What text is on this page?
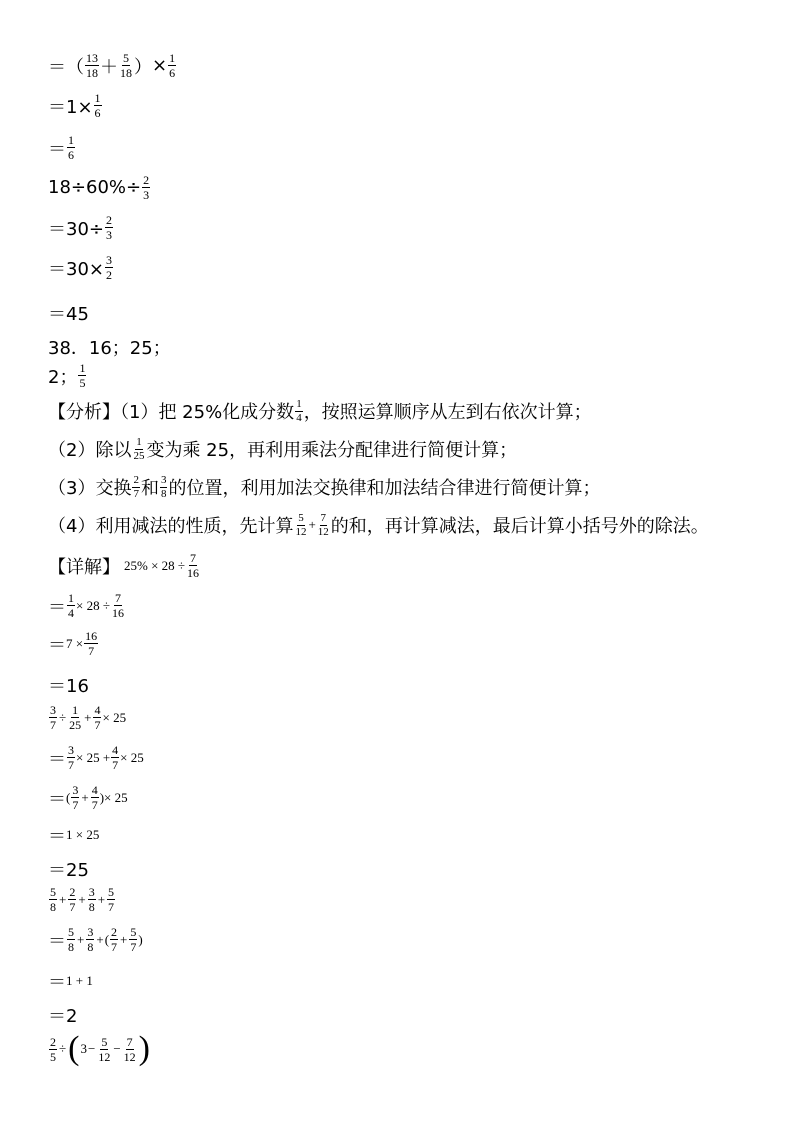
＝ （ $\frac{13}{18} + \frac{5}{18}$ ） × $\frac{1}{6}$
$=1\times \frac{1}{6}$
＝ $\frac{1}{6}$
$18\div 60\%\div \frac{2}{3}$
$=30\div \frac{2}{3}$
$=30\times \frac{3}{2}$
＝45
38．16；25；
2； $\frac{1}{5}$
【分析】（1）把 25%化成分数 $\frac{1}{4}$ ，按照运算顺序从左到右依次计算；
（2）除以 $\frac{1}{25}$ 变为乘 25，再利用乘法分配律进行简便计算；
（3）交换 $\frac{2}{7}$ 和 $\frac{3}{8}$ 的位置，利用加法交换律和加法结合律进行简便计算；
（4）利用减法的性质，先计算 $\frac{5}{12} + \frac{7}{12}$ 的和，再计算减法，最后计算小括号外的除法。
【详解】 $25\% \times 28 \div \frac{7}{16}$
＝ $\frac{1}{4} \times 28 \div \frac{7}{16}$
＝ $7 \times \frac{16}{7}$
＝16
$\frac{3}{7} \div \frac{1}{25} + \frac{4}{7} \times 25$
＝ $\frac{3}{7} \times 25 + \frac{4}{7} \times 25$
＝ ( $\frac{3}{7} + \frac{4}{7}$ ) × 25
＝ 1 × 25
＝25
$\frac{5}{8} + \frac{2}{7} + \frac{3}{8} + \frac{5}{7}$
＝ $\frac{5}{8} + \frac{3}{8}$ + ( $\frac{2}{7} + \frac{5}{7}$ )
＝ 1 + 1
＝2
$\frac{2}{5}$ ÷ ( $3 - \frac{5}{12} - \frac{7}{12}$ )
